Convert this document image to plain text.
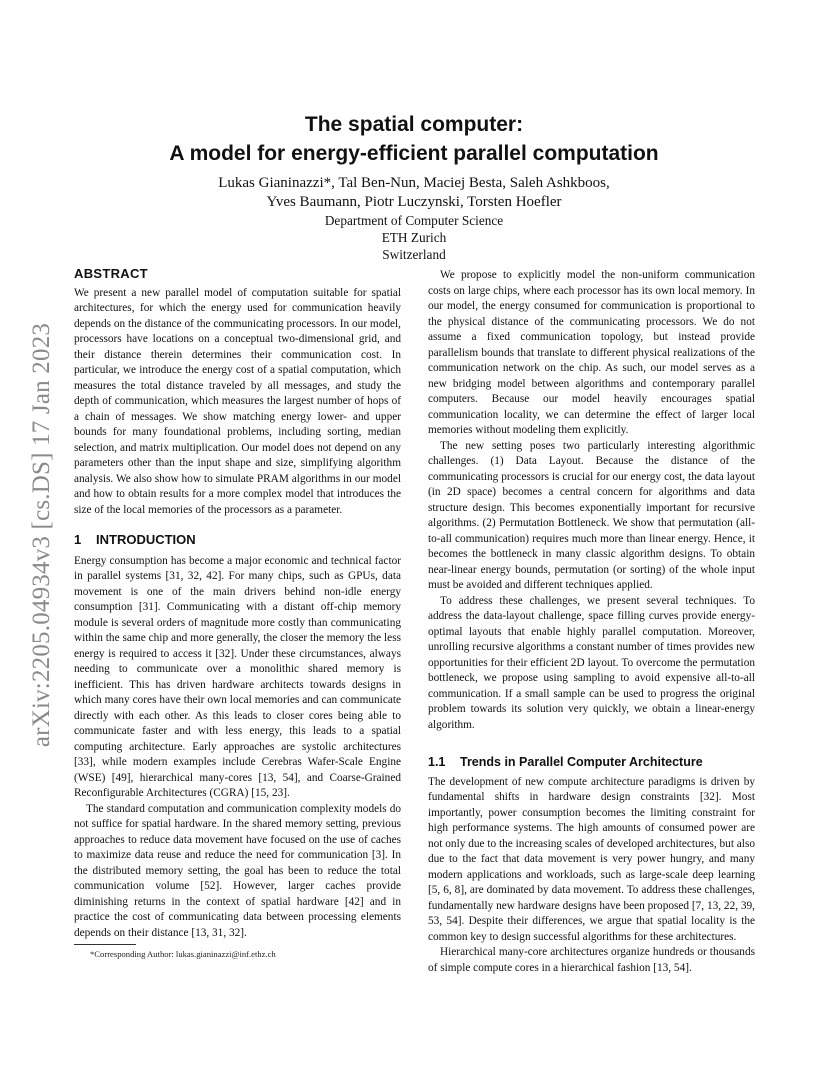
arXiv:2205.04934v3 [cs.DS] 17 Jan 2023
The spatial computer:
A model for energy-efficient parallel computation
Lukas Gianinazzi*, Tal Ben-Nun, Maciej Besta, Saleh Ashkboos,
Yves Baumann, Piotr Luczynski, Torsten Hoefler
Department of Computer Science
ETH Zurich
Switzerland
ABSTRACT

We present a new parallel model of computation suitable for spatial architectures, for which the energy used for communication heavily depends on the distance of the communicating processors. In our model, processors have locations on a conceptual two-dimensional grid, and their distance therein determines their communication cost. In particular, we introduce the energy cost of a spatial computation, which measures the total distance traveled by all messages, and study the depth of communication, which measures the largest number of hops of a chain of messages. We show matching energy lower- and upper bounds for many foundational problems, including sorting, median selection, and matrix multiplication. Our model does not depend on any parameters other than the input shape and size, simplifying algorithm analysis. We also show how to simulate PRAM algorithms in our model and how to obtain results for a more complex model that introduces the size of the local memories of the processors as a parameter.

1 INTRODUCTION

Energy consumption has become a major economic and technical factor in parallel systems [31, 32, 42]. For many chips, such as GPUs, data movement is one of the main drivers behind non-idle energy consumption [31]. Communicating with a distant off-chip memory module is several orders of magnitude more costly than communicating within the same chip and more generally, the closer the memory the less energy is required to access it [32]. Under these circumstances, always needing to communicate over a monolithic shared memory is inefficient. This has driven hardware architects towards designs in which many cores have their own local memories and can communicate directly with each other. As this leads to closer cores being able to communicate faster and with less energy, this leads to a spatial computing architecture. Early approaches are systolic architectures [33], while modern examples include Cerebras Wafer-Scale Engine (WSE) [49], hierarchical many-cores [13, 54], and Coarse-Grained Reconfigurable Architectures (CGRA) [15, 23].

The standard computation and communication complexity models do not suffice for spatial hardware. In the shared memory setting, previous approaches to reduce data movement have focused on the use of caches to maximize data reuse and reduce the need for communication [3]. In the distributed memory setting, the goal has been to reduce the total communication volume [52]. However, larger caches provide diminishing returns in the context of spatial hardware [42] and in practice the cost of communicating data between processing elements depends on their distance [13, 31, 32].

We propose to explicitly model the non-uniform communication costs on large chips, where each processor has its own local memory. In our model, the energy consumed for communication is proportional to the physical distance of the communicating processors. We do not assume a fixed communication topology, but instead provide parallelism bounds that translate to different physical realizations of the communication network on the chip. As such, our model serves as a new bridging model between algorithms and contemporary parallel computers. Because our model heavily encourages spatial communication locality, we can determine the effect of larger local memories without modeling them explicitly.

The new setting poses two particularly interesting algorithmic challenges. (1) Data Layout. Because the distance of the communicating processors is crucial for our energy cost, the data layout (in 2D space) becomes a central concern for algorithms and data structure design. This becomes exponentially important for recursive algorithms. (2) Permutation Bottleneck. We show that permutation (all-to-all communication) requires much more than linear energy. Hence, it becomes the bottleneck in many classic algorithm designs. To obtain near-linear energy bounds, permutation (or sorting) of the whole input must be avoided and different techniques applied.

To address these challenges, we present several techniques. To address the data-layout challenge, space filling curves provide energy-optimal layouts that enable highly parallel computation. Moreover, unrolling recursive algorithms a constant number of times provides new opportunities for their efficient 2D layout. To overcome the permutation bottleneck, we propose using sampling to avoid expensive all-to-all communication. If a small sample can be used to progress the original problem towards its solution very quickly, we obtain a linear-energy algorithm.

1.1 Trends in Parallel Computer Architecture

The development of new compute architecture paradigms is driven by fundamental shifts in hardware design constraints [32]. Most importantly, power consumption becomes the limiting constraint for high performance systems. The high amounts of consumed power are not only due to the increasing scales of developed architectures, but also due to the fact that data movement is very power hungry, and many modern applications and workloads, such as large-scale deep learning [5, 6, 8], are dominated by data movement. To address these challenges, fundamentally new hardware designs have been proposed [7, 13, 22, 39, 53, 54]. Despite their differences, we argue that spatial locality is the common key to design successful algorithms for these architectures.

Hierarchical many-core architectures organize hundreds or thousands of simple compute cores in a hierarchical fashion [13, 54].

*Corresponding Author: lukas.gianinazzi@inf.ethz.ch
